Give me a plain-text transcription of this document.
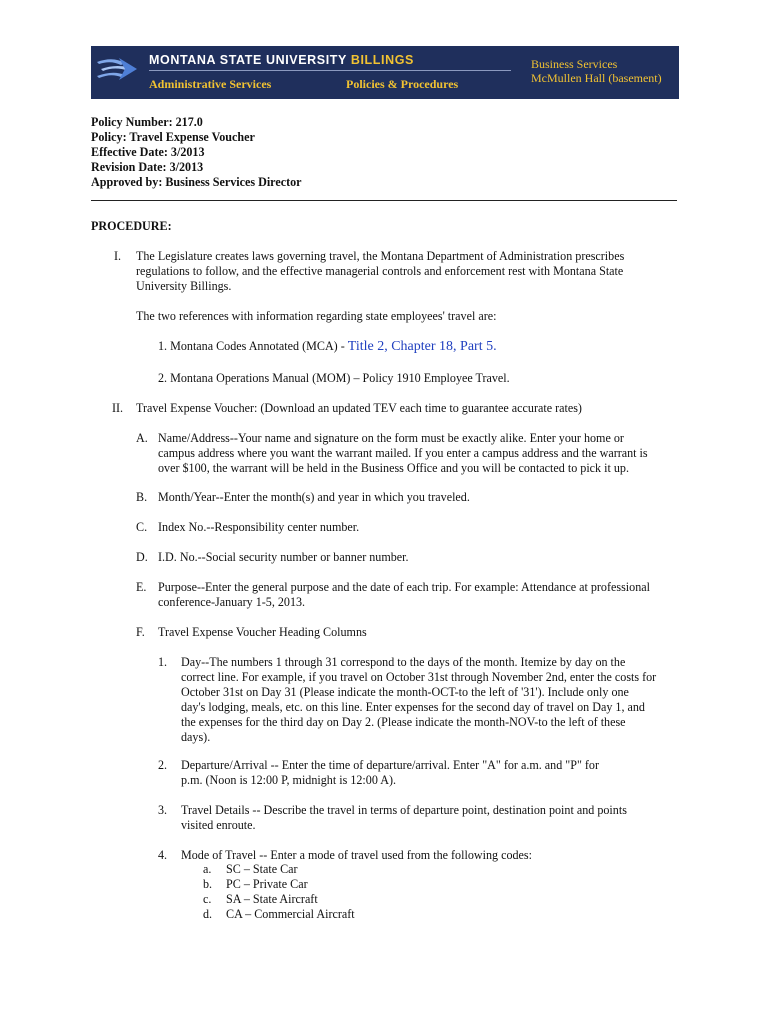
MONTANA STATE UNIVERSITY BILLINGS
Administrative Services	Policies & Procedures
Business Services
McMullen Hall (basement)
Policy Number: 217.0
Policy: Travel Expense Voucher
Effective Date: 3/2013
Revision Date: 3/2013
Approved by: Business Services Director
PROCEDURE:
I. The Legislature creates laws governing travel, the Montana Department of Administration prescribes
regulations to follow, and the effective managerial controls and enforcement rest with Montana State
University Billings.
The two references with information regarding state employees' travel are:
1. Montana Codes Annotated (MCA) - Title 2, Chapter 18, Part 5.
2. Montana Operations Manual (MOM) – Policy 1910 Employee Travel.
II. Travel Expense Voucher: (Download an updated TEV each time to guarantee accurate rates)
A. Name/Address--Your name and signature on the form must be exactly alike. Enter your home or
campus address where you want the warrant mailed. If you enter a campus address and the warrant is
over $100, the warrant will be held in the Business Office and you will be contacted to pick it up.
B. Month/Year--Enter the month(s) and year in which you traveled.
C. Index No.--Responsibility center number.
D. I.D. No.--Social security number or banner number.
E. Purpose--Enter the general purpose and the date of each trip. For example: Attendance at professional
conference-January 1-5, 2013.
F. Travel Expense Voucher Heading Columns
1. Day--The numbers 1 through 31 correspond to the days of the month. Itemize by day on the
correct line. For example, if you travel on October 31st through November 2nd, enter the costs for
October 31st on Day 31 (Please indicate the month-OCT-to the left of '31'). Include only one
day's lodging, meals, etc. on this line. Enter expenses for the second day of travel on Day 1, and
the expenses for the third day on Day 2. (Please indicate the month-NOV-to the left of these
days).
2. Departure/Arrival -- Enter the time of departure/arrival. Enter "A" for a.m. and "P" for
p.m. (Noon is 12:00 P, midnight is 12:00 A).
3. Travel Details -- Describe the travel in terms of departure point, destination point and points
visited enroute.
4. Mode of Travel -- Enter a mode of travel used from the following codes:
a. SC – State Car
b. PC – Private Car
c. SA – State Aircraft
d. CA – Commercial Aircraft
